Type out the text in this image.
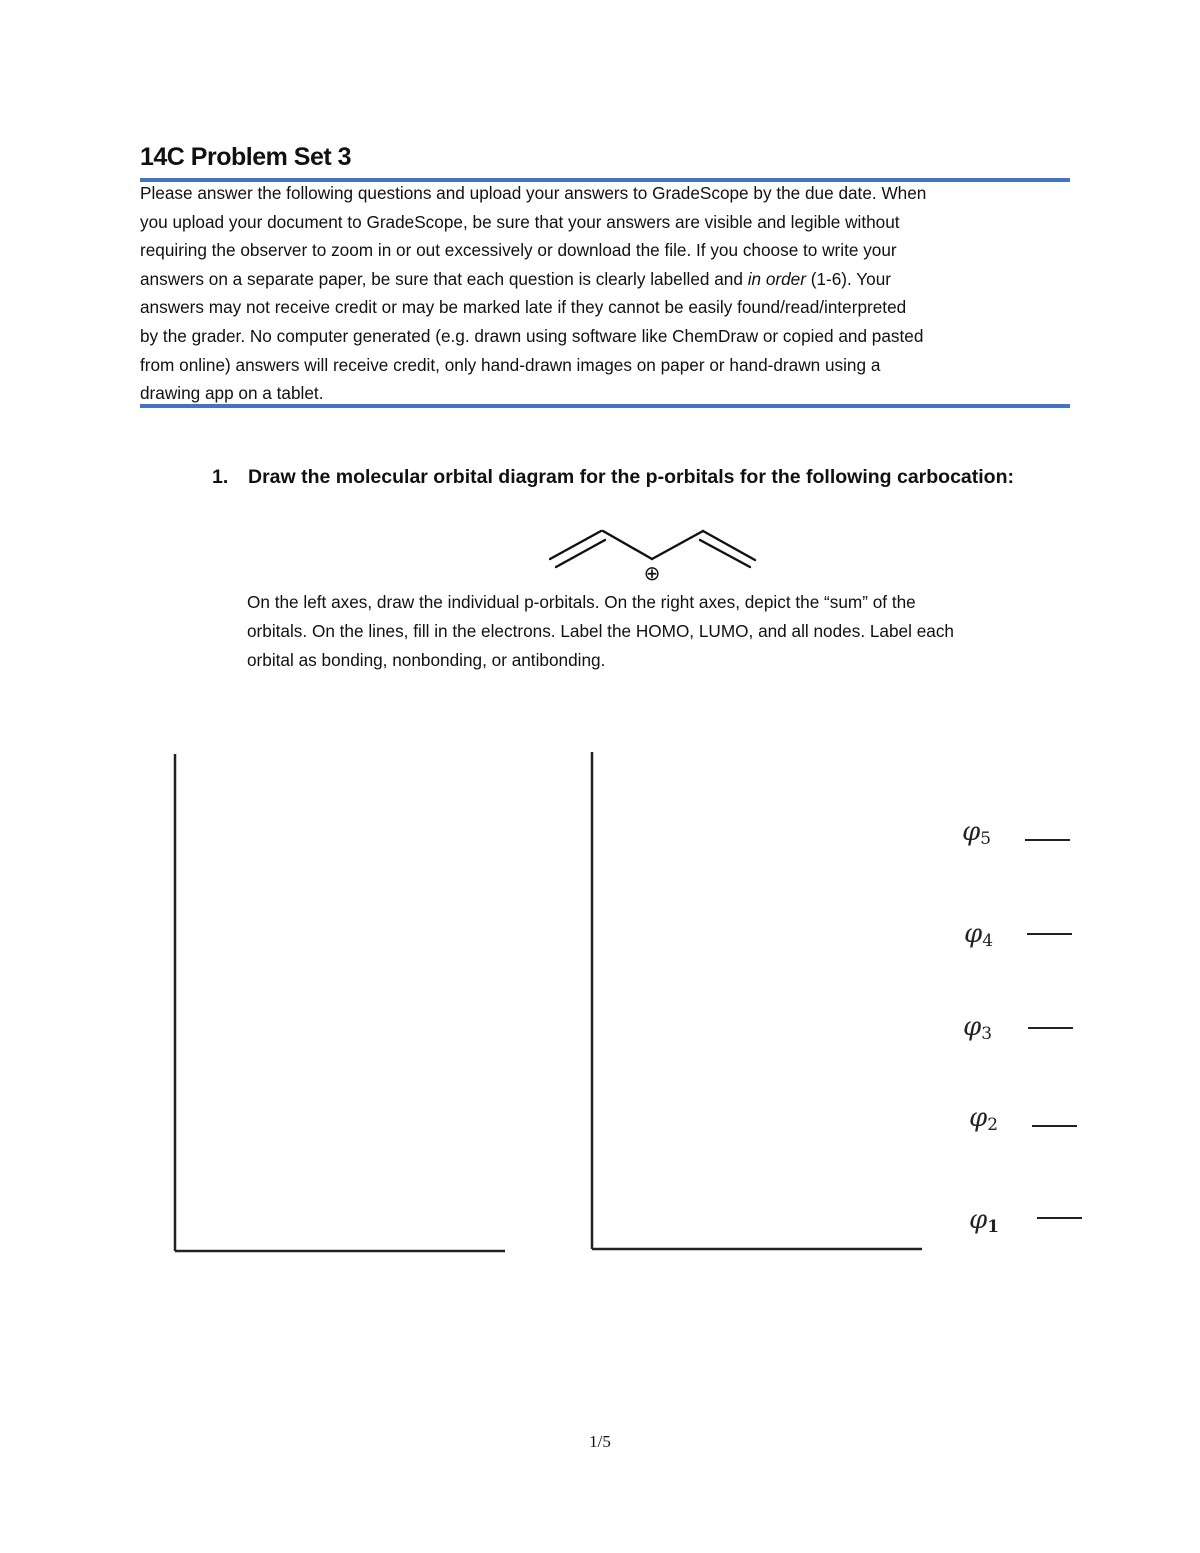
14C Problem Set 3
Please answer the following questions and upload your answers to GradeScope by the due date. When
you upload your document to GradeScope, be sure that your answers are visible and legible without
requiring the observer to zoom in or out excessively or download the file. If you choose to write your
answers on a separate paper, be sure that each question is clearly labelled and in order (1-6). Your
answers may not receive credit or may be marked late if they cannot be easily found/read/interpreted
by the grader. No computer generated (e.g. drawn using software like ChemDraw or copied and pasted
from online) answers will receive credit, only hand-drawn images on paper or hand-drawn using a
drawing app on a tablet.
1. Draw the molecular orbital diagram for the p-orbitals for the following carbocation:
⊕
On the left axes, draw the individual p-orbitals. On the right axes, depict the “sum” of the
orbitals. On the lines, fill in the electrons. Label the HOMO, LUMO, and all nodes. Label each
orbital as bonding, nonbonding, or antibonding.
$\varphi_5$
$\varphi_4$
$\varphi_3$
$\varphi_2$
$\varphi_1$
1/5
